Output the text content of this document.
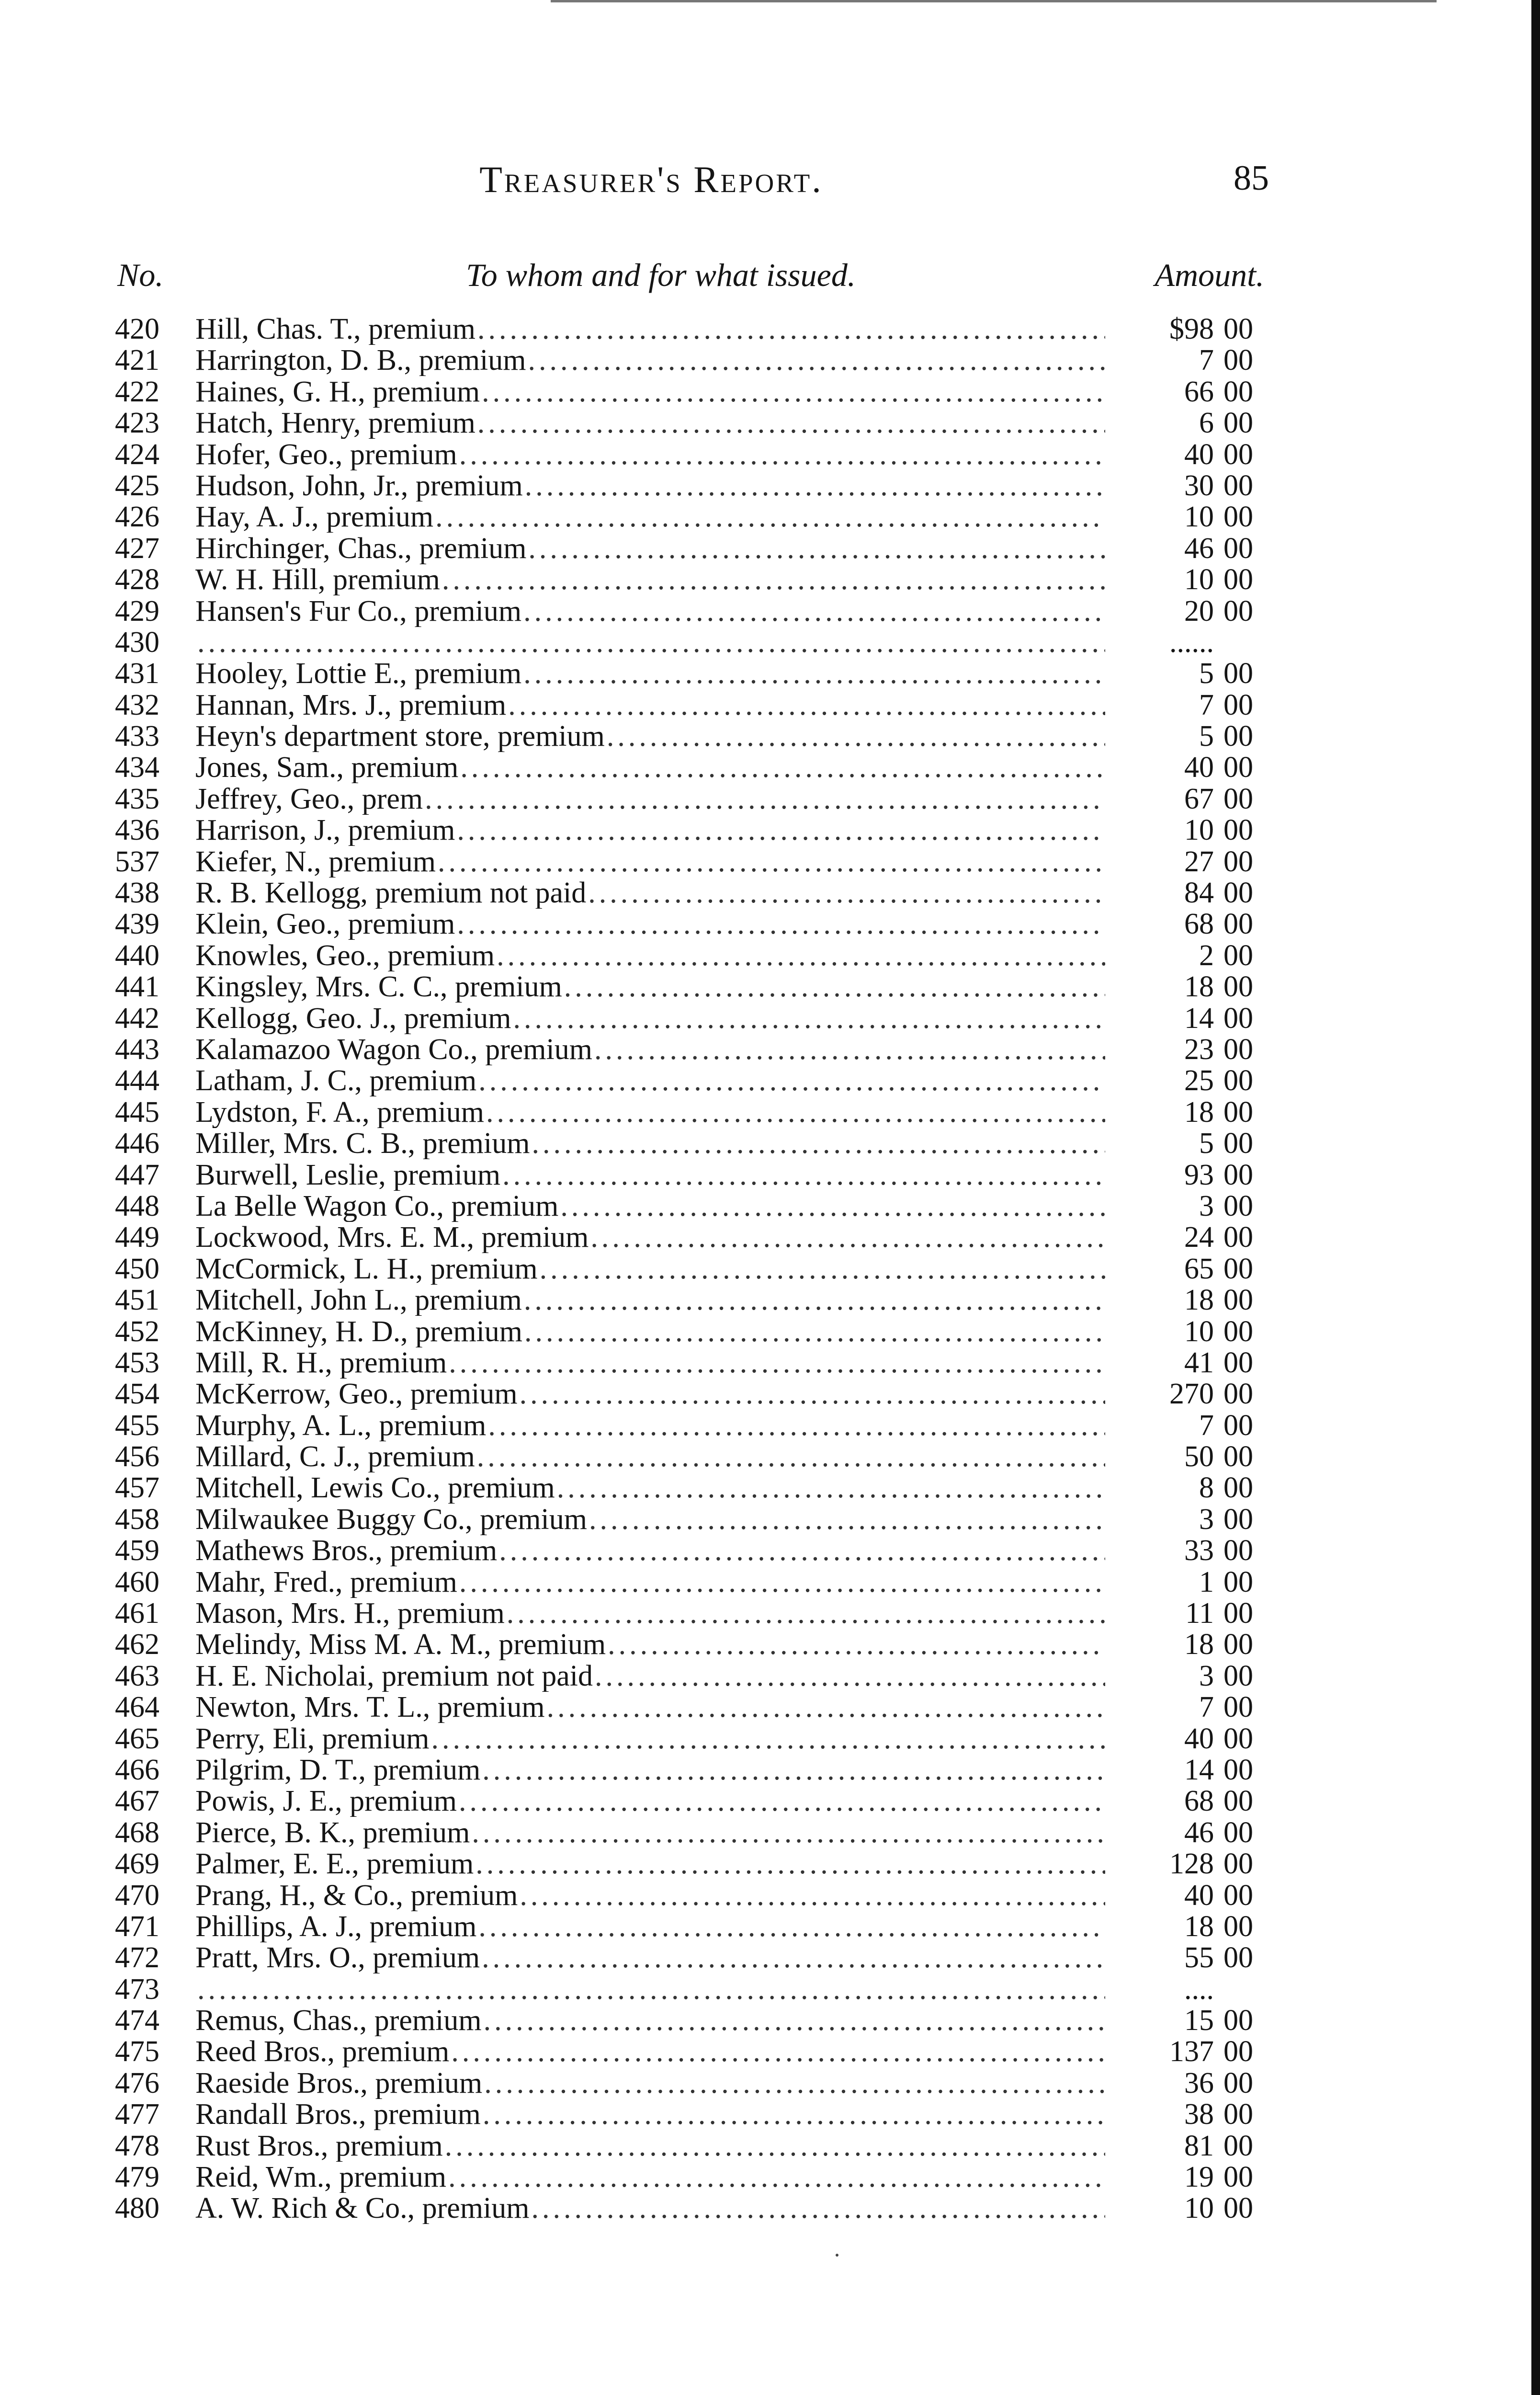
Treasurer's Report.	85
No.	To whom and for what issued.	Amount.
420 Hill, Chas. T., premium .....	$98 00
421 Harrington, D. B., premium .....	7 00
422 Haines, G. H., premium .....	66 00
423 Hatch, Henry, premium .....	6 00
424 Hofer, Geo., premium .....	40 00
425 Hudson, John, Jr., premium .....	30 00
426 Hay, A. J., premium .....	10 00
427 Hirchinger, Chas., premium .....	46 00
428 W. H. Hill, premium .....	10 00
429 Hansen's Fur Co., premium .....	20 00
430 .....	......
431 Hooley, Lottie E., premium .....	5 00
432 Hannan, Mrs. J., premium .....	7 00
433 Heyn's department store, premium .....	5 00
434 Jones, Sam., premium .....	40 00
435 Jeffrey, Geo., prem .....	67 00
436 Harrison, J., premium .....	10 00
537 Kiefer, N., premium .....	27 00
438 R. B. Kellogg, premium not paid .....	84 00
439 Klein, Geo., premium .....	68 00
440 Knowles, Geo., premium .....	2 00
441 Kingsley, Mrs. C. C., premium .....	18 00
442 Kellogg, Geo. J., premium .....	14 00
443 Kalamazoo Wagon Co., premium .....	23 00
444 Latham, J. C., premium .....	25 00
445 Lydston, F. A., premium .....	18 00
446 Miller, Mrs. C. B., premium .....	5 00
447 Burwell, Leslie, premium .....	93 00
448 La Belle Wagon Co., premium .....	3 00
449 Lockwood, Mrs. E. M., premium .....	24 00
450 McCormick, L. H., premium .....	65 00
451 Mitchell, John L., premium .....	18 00
452 McKinney, H. D., premium .....	10 00
453 Mill, R. H., premium .....	41 00
454 McKerrow, Geo., premium .....	270 00
455 Murphy, A. L., premium .....	7 00
456 Millard, C. J., premium .....	50 00
457 Mitchell, Lewis Co., premium .....	8 00
458 Milwaukee Buggy Co., premium .....	3 00
459 Mathews Bros., premium .....	33 00
460 Mahr, Fred., premium .....	1 00
461 Mason, Mrs. H., premium .....	11 00
462 Melindy, Miss M. A. M., premium .....	18 00
463 H. E. Nicholai, premium not paid .....	3 00
464 Newton, Mrs. T. L., premium .....	7 00
465 Perry, Eli, premium .....	40 00
466 Pilgrim, D. T., premium .....	14 00
467 Powis, J. E., premium .....	68 00
468 Pierce, B. K., premium .....	46 00
469 Palmer, E. E., premium .....	128 00
470 Prang, H., & Co., premium .....	40 00
471 Phillips, A. J., premium .....	18 00
472 Pratt, Mrs. O., premium .....	55 00
473 .....	....
474 Remus, Chas., premium .....	15 00
475 Reed Bros., premium .....	137 00
476 Raeside Bros., premium .....	36 00
477 Randall Bros., premium .....	38 00
478 Rust Bros., premium .....	81 00
479 Reid, Wm., premium .....	19 00
480 A. W. Rich & Co., premium .....	10 00
